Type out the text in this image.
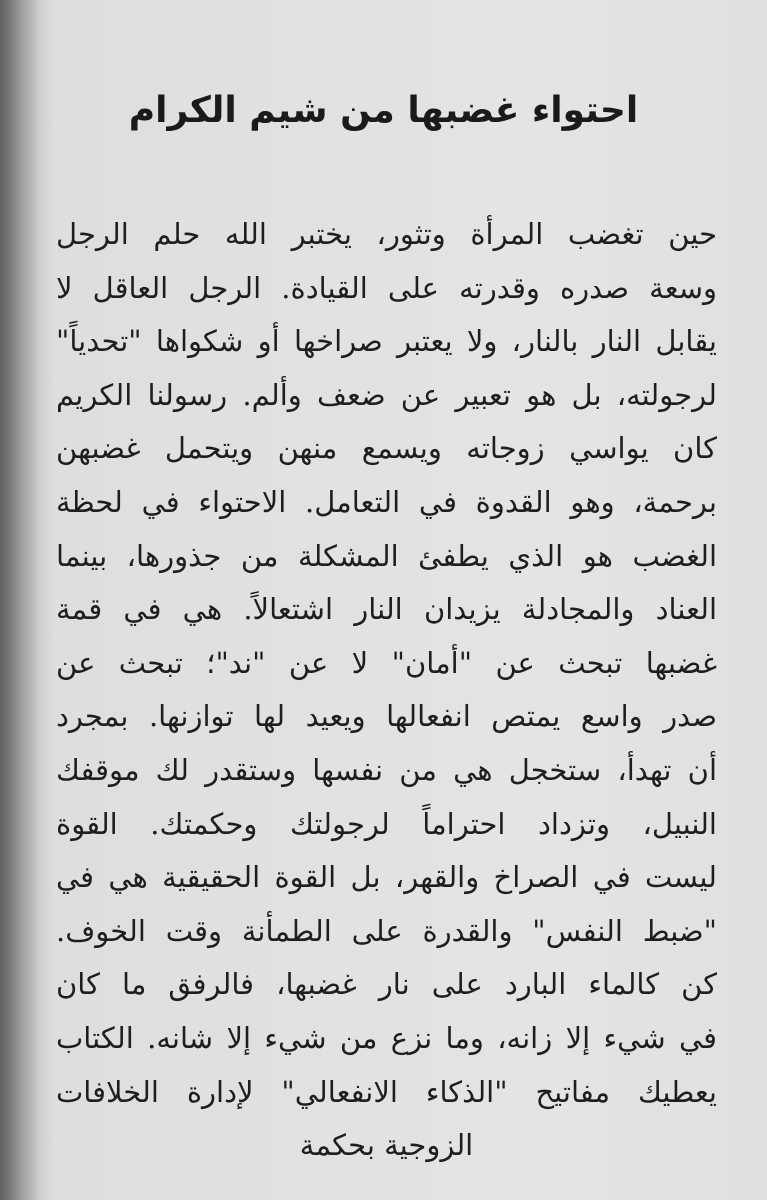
احتواء غضبها من شيم الكرام
حين تغضب المرأة وتثور، يختبر الله حلم الرجل
وسعة صدره وقدرته على القيادة. الرجل العاقل لا
يقابل النار بالنار، ولا يعتبر صراخها أو شكواها "تحدياً"
لرجولته، بل هو تعبير عن ضعف وألم. رسولنا الكريم
كان يواسي زوجاته ويسمع منهن ويتحمل غضبهن
برحمة، وهو القدوة في التعامل. الاحتواء في لحظة
الغضب هو الذي يطفئ المشكلة من جذورها، بينما
العناد والمجادلة يزيدان النار اشتعالاً. هي في قمة
غضبها تبحث عن "أمان" لا عن "ند"؛ تبحث عن
صدر واسع يمتص انفعالها ويعيد لها توازنها. بمجرد
أن تهدأ، ستخجل هي من نفسها وستقدر لك موقفك
النبيل، وتزداد احتراماً لرجولتك وحكمتك. القوة
ليست في الصراخ والقهر، بل القوة الحقيقية هي في
"ضبط النفس" والقدرة على الطمأنة وقت الخوف.
كن كالماء البارد على نار غضبها، فالرفق ما كان
في شيء إلا زانه، وما نزع من شيء إلا شانه. الكتاب
يعطيك مفاتيح "الذكاء الانفعالي" لإدارة الخلافات
الزوجية بحكمة
